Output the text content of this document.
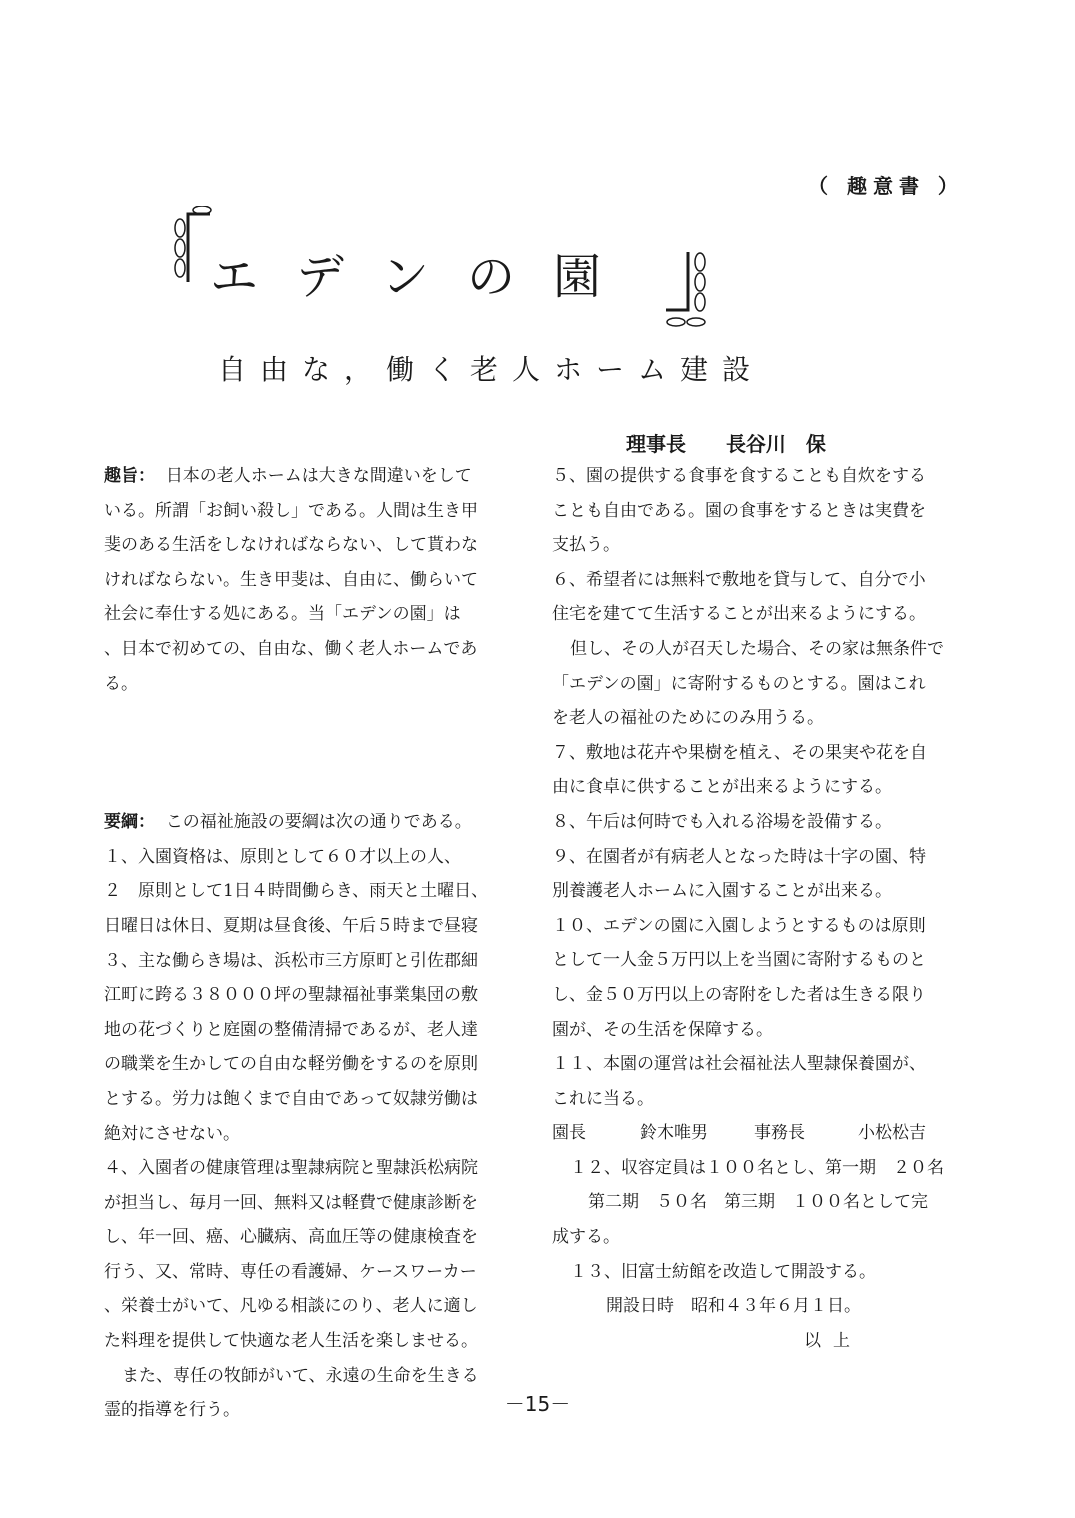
（ 趣意書 ）
エデンの園
自由な，働く老人ホーム建設
理事長 長谷川　保

趣旨： 日本の老人ホームは大きな間違いをして

いる。所謂「お飼い殺し」である。人間は生き甲

斐のある生活をしなければならない、して貰わな

ければならない。生き甲斐は、自由に、働らいて

社会に奉仕する処にある。当「エデンの園」は

、日本で初めての、自由な、働く老人ホームであ

る。

要綱： この福祉施設の要綱は次の通りである。

１、入園資格は、原則として６０才以上の人、

２　原則として1日４時間働らき、雨天と土曜日、

日曜日は休日、夏期は昼食後、午后５時まで昼寝

３、主な働らき場は、浜松市三方原町と引佐郡細

江町に跨る３８０００坪の聖隷福祉事業集団の敷

地の花づくりと庭園の整備清掃であるが、老人達

の職業を生かしての自由な軽労働をするのを原則

とする。労力は飽くまで自由であって奴隷労働は

絶対にさせない。

４、入園者の健康管理は聖隷病院と聖隷浜松病院

が担当し、毎月一回、無料又は軽費で健康診断を

し、年一回、癌、心臓病、高血圧等の健康検査を

行う、又、常時、専任の看護婦、ケースワーカー

、栄養士がいて、凡ゆる相談にのり、老人に適し

た料理を提供して快適な老人生活を楽しませる。

また、専任の牧師がいて、永遠の生命を生きる

霊的指導を行う。

５、園の提供する食事を食することも自炊をする

ことも自由である。園の食事をするときは実費を

支払う。

６、希望者には無料で敷地を貸与して、自分で小

住宅を建てて生活することが出来るようにする。

但し、その人が召天した場合、その家は無条件で

「エデンの園」に寄附するものとする。園はこれ

を老人の福祉のためにのみ用うる。

７、敷地は花卉や果樹を植え、その果実や花を自

由に食卓に供することが出来るようにする。

８、午后は何時でも入れる浴場を設備する。

９、在園者が有病老人となった時は十字の園、特

別養護老人ホームに入園することが出来る。

１０、エデンの園に入園しようとするものは原則

として一人金５万円以上を当園に寄附するものと

し、金５０万円以上の寄附をした者は生きる限り

園が、その生活を保障する。

１１、本園の運営は社会福祉法人聖隷保養園が、

これに当る。

園長	鈴木唯男	事務長	小松松吉

１２、収容定員は１００名とし、第一期　２０名

第二期　５０名　第三期　１００名として完

成する。

１３、旧富士紡館を改造して開設する。

開設日時　昭和４３年６月１日。

以上

－15－
